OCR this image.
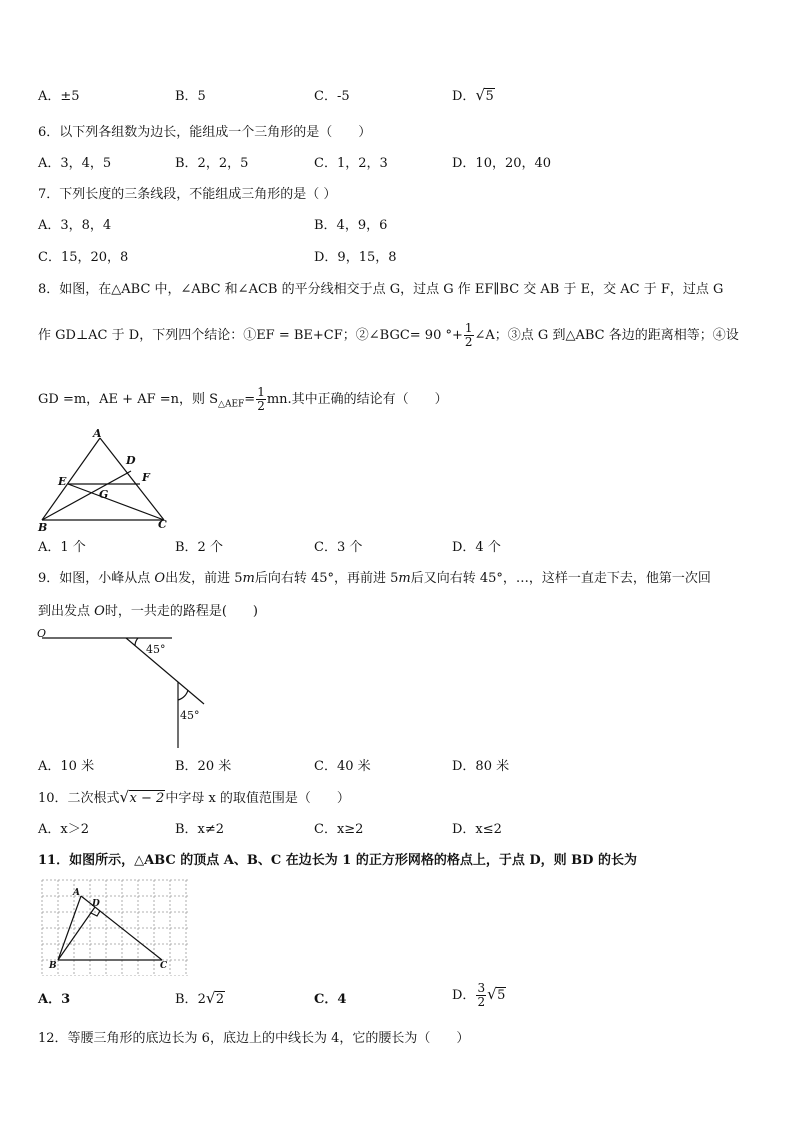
A．±5	B．5	C．-5	D． √ 5
6．以下列各组数为边长，能组成一个三角形的是（　　）
A．3，4，5	B．2，2，5	C．1，2，3	D．10，20，40
7．下列长度的三条线段，不能组成三角形的是（ ）
A．3，8，4	B．4，9，6
C．15，20，8	D．9，15，8
8．如图，在△ABC 中，∠ABC 和∠ACB 的平分线相交于点 G，过点 G 作 EF∥BC 交 AB 于 E，交 AC 于 F，过点 G
作 GD⊥AC 于 D，下列四个结论：①EF = BE+CF；②∠BGC= 90 °+ $\frac{1}{2}$ ∠A；③点 G 到△ABC 各边的距离相等；④设
GD =m，AE + AF =n，则 $S_{\triangle AEF}= \frac{1}{2}$ mn.其中正确的结论有（　　）
A
D
E	F
G
B	C
A．1 个	B．2 个	C．3 个	D．4 个
9．如图，小峰从点 O出发，前进 5m后向右转 45°，再前进 5m后又向右转 45°，…，这样一直走下去，他第一次回
到出发点 O时，一共走的路程是(　　)
O
45°
45°
A．10 米	B．20 米	C．40 米	D．80 米
10．二次根式 √ x − 2中字母 x 的取值范围是（　　）
A．x＞2	B．x≠2	C．x≥2	D．x≤2
11．如图所示，△ABC 的顶点 A、B、C 在边长为 1 的正方形网格的格点上，于点 D，则 BD 的长为
A
D
B	C
A．3	B．2 √ 2	C．4	D． $\frac{3}{2}$ √ 5
12．等腰三角形的底边长为 6，底边上的中线长为 4，它的腰长为（　　）
